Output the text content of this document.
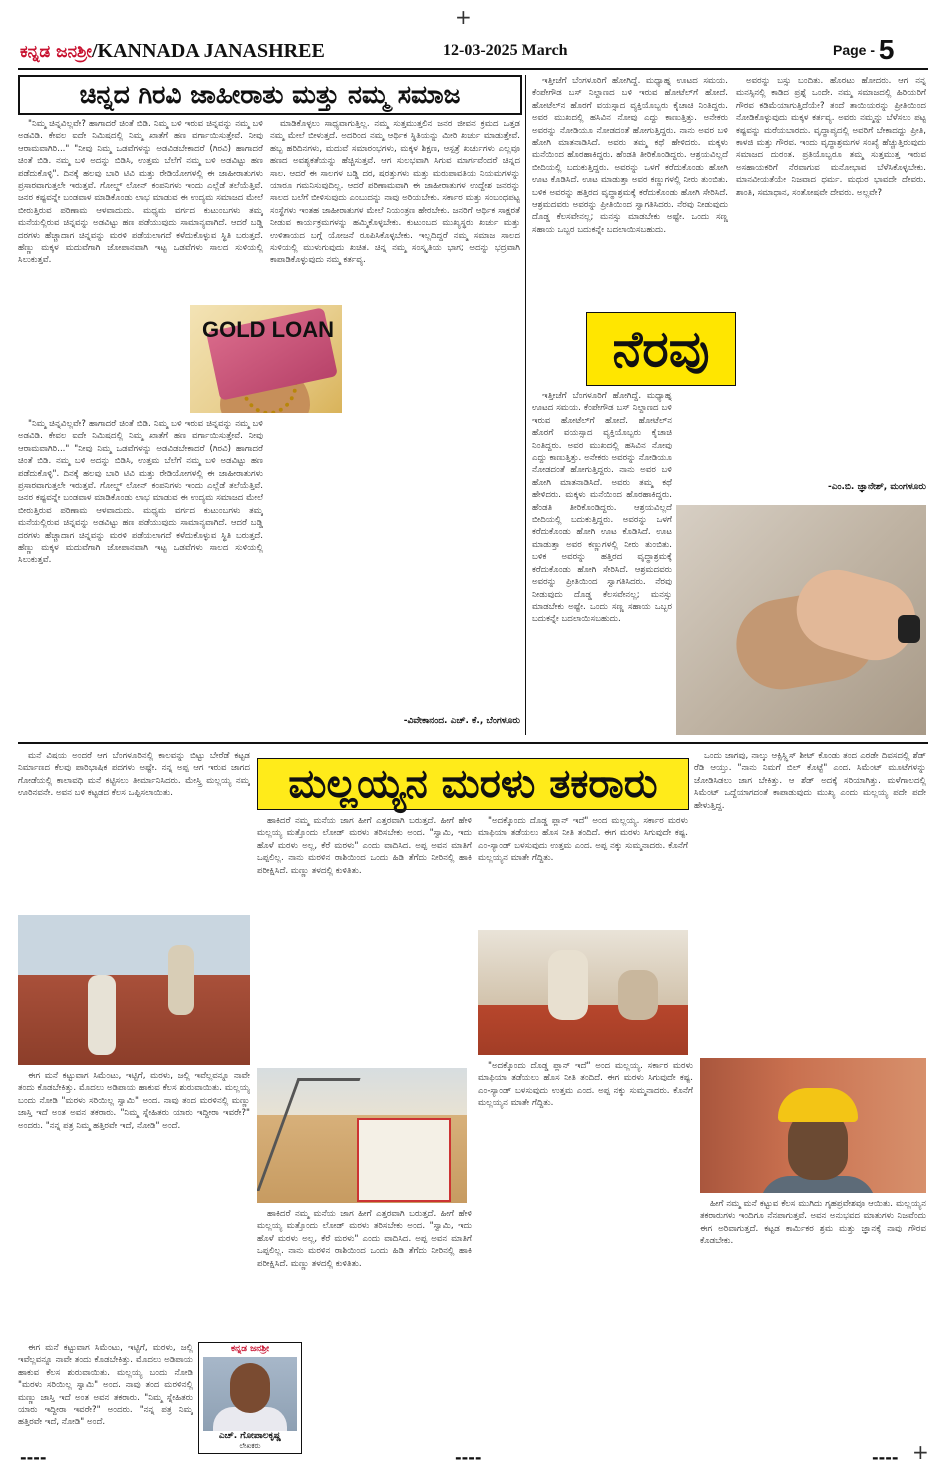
+
ಕನ್ನಡ ಜನಶ್ರೀ/KANNADA JANASHREE	12-03-2025 March	Page - 5
ಚಿನ್ನದ ಗಿರವಿ ಜಾಹೀರಾತು ಮತ್ತು ನಮ್ಮ ಸಮಾಜ

"ನಿಮ್ಮ ಚಿನ್ನವಿಲ್ಲವೇ? ಹಾಗಾದರೆ ಚಿಂತೆ ಬಿಡಿ. ನಿಮ್ಮ ಬಳಿ ಇರುವ ಚಿನ್ನವನ್ನು ನಮ್ಮ ಬಳಿ ಅಡವಿಡಿ. ಕೇವಲ ಐದೇ ನಿಮಿಷದಲ್ಲಿ ನಿಮ್ಮ ಖಾತೆಗೆ ಹಣ ವರ್ಗಾಯಿಸುತ್ತೇವೆ. ನೀವು ಆರಾಮವಾಗಿರಿ..." "ನೀವು ನಿಮ್ಮ ಒಡವೆಗಳನ್ನು ಅಡವಿಡಬೇಕಾದರೆ (ಗಿರವಿ) ಹಾಗಾದರೆ ಚಿಂತೆ ಬಿಡಿ. ನಮ್ಮ ಬಳಿ ಅದನ್ನು ಬಿಡಿಸಿ, ಉತ್ತಮ ಬೆಲೆಗೆ ನಮ್ಮ ಬಳಿ ಅಡವಿಟ್ಟು ಹಣ ಪಡೆದುಕೊಳ್ಳಿ". ದಿನಕ್ಕೆ ಹಲವು ಬಾರಿ ಟಿವಿ ಮತ್ತು ರೇಡಿಯೋಗಳಲ್ಲಿ ಈ ಜಾಹೀರಾತುಗಳು ಪ್ರಸಾರವಾಗುತ್ತಲೇ ಇರುತ್ತವೆ. ಗೋಲ್ಡ್ ಲೋನ್ ಕಂಪನಿಗಳು ಇಂದು ಎಲ್ಲೆಡೆ ತಲೆಯೆತ್ತಿವೆ. ಜನರ ಕಷ್ಟವನ್ನೇ ಬಂಡವಾಳ ಮಾಡಿಕೊಂಡು ಲಾಭ ಮಾಡುವ ಈ ಉದ್ಯಮ ಸಮಾಜದ ಮೇಲೆ ಬೀರುತ್ತಿರುವ ಪರಿಣಾಮ ಆಳವಾದುದು. ಮಧ್ಯಮ ವರ್ಗದ ಕುಟುಂಬಗಳು ತಮ್ಮ ಮನೆಯಲ್ಲಿರುವ ಚಿನ್ನವನ್ನು ಅಡವಿಟ್ಟು ಹಣ ಪಡೆಯುವುದು ಸಾಮಾನ್ಯವಾಗಿದೆ. ಆದರೆ ಬಡ್ಡಿ ದರಗಳು ಹೆಚ್ಚಾದಾಗ ಚಿನ್ನವನ್ನು ಮರಳಿ ಪಡೆಯಲಾಗದೆ ಕಳೆದುಕೊಳ್ಳುವ ಸ್ಥಿತಿ ಬರುತ್ತದೆ. ಹೆಣ್ಣು ಮಕ್ಕಳ ಮದುವೆಗಾಗಿ ಜೋಪಾನವಾಗಿ ಇಟ್ಟ ಒಡವೆಗಳು ಸಾಲದ ಸುಳಿಯಲ್ಲಿ ಸಿಲುಕುತ್ತವೆ.

GOLD LOAN

"ನಿಮ್ಮ ಚಿನ್ನವಿಲ್ಲವೇ? ಹಾಗಾದರೆ ಚಿಂತೆ ಬಿಡಿ. ನಿಮ್ಮ ಬಳಿ ಇರುವ ಚಿನ್ನವನ್ನು ನಮ್ಮ ಬಳಿ ಅಡವಿಡಿ. ಕೇವಲ ಐದೇ ನಿಮಿಷದಲ್ಲಿ ನಿಮ್ಮ ಖಾತೆಗೆ ಹಣ ವರ್ಗಾಯಿಸುತ್ತೇವೆ. ನೀವು ಆರಾಮವಾಗಿರಿ..." "ನೀವು ನಿಮ್ಮ ಒಡವೆಗಳನ್ನು ಅಡವಿಡಬೇಕಾದರೆ (ಗಿರವಿ) ಹಾಗಾದರೆ ಚಿಂತೆ ಬಿಡಿ. ನಮ್ಮ ಬಳಿ ಅದನ್ನು ಬಿಡಿಸಿ, ಉತ್ತಮ ಬೆಲೆಗೆ ನಮ್ಮ ಬಳಿ ಅಡವಿಟ್ಟು ಹಣ ಪಡೆದುಕೊಳ್ಳಿ". ದಿನಕ್ಕೆ ಹಲವು ಬಾರಿ ಟಿವಿ ಮತ್ತು ರೇಡಿಯೋಗಳಲ್ಲಿ ಈ ಜಾಹೀರಾತುಗಳು ಪ್ರಸಾರವಾಗುತ್ತಲೇ ಇರುತ್ತವೆ. ಗೋಲ್ಡ್ ಲೋನ್ ಕಂಪನಿಗಳು ಇಂದು ಎಲ್ಲೆಡೆ ತಲೆಯೆತ್ತಿವೆ. ಜನರ ಕಷ್ಟವನ್ನೇ ಬಂಡವಾಳ ಮಾಡಿಕೊಂಡು ಲಾಭ ಮಾಡುವ ಈ ಉದ್ಯಮ ಸಮಾಜದ ಮೇಲೆ ಬೀರುತ್ತಿರುವ ಪರಿಣಾಮ ಆಳವಾದುದು. ಮಧ್ಯಮ ವರ್ಗದ ಕುಟುಂಬಗಳು ತಮ್ಮ ಮನೆಯಲ್ಲಿರುವ ಚಿನ್ನವನ್ನು ಅಡವಿಟ್ಟು ಹಣ ಪಡೆಯುವುದು ಸಾಮಾನ್ಯವಾಗಿದೆ. ಆದರೆ ಬಡ್ಡಿ ದರಗಳು ಹೆಚ್ಚಾದಾಗ ಚಿನ್ನವನ್ನು ಮರಳಿ ಪಡೆಯಲಾಗದೆ ಕಳೆದುಕೊಳ್ಳುವ ಸ್ಥಿತಿ ಬರುತ್ತದೆ. ಹೆಣ್ಣು ಮಕ್ಕಳ ಮದುವೆಗಾಗಿ ಜೋಪಾನವಾಗಿ ಇಟ್ಟ ಒಡವೆಗಳು ಸಾಲದ ಸುಳಿಯಲ್ಲಿ ಸಿಲುಕುತ್ತವೆ.

ಮಾಡಿಕೊಳ್ಳಲು ಸಾಧ್ಯವಾಗುತ್ತಿಲ್ಲ. ನಮ್ಮ ಸುತ್ತಮುತ್ತಲಿನ ಜನರ ಜೀವನ ಕ್ರಮದ ಒತ್ತಡ ನಮ್ಮ ಮೇಲೆ ಬೀಳುತ್ತದೆ. ಅದರಿಂದ ನಮ್ಮ ಆರ್ಥಿಕ ಸ್ಥಿತಿಯನ್ನು ಮೀರಿ ಖರ್ಚು ಮಾಡುತ್ತೇವೆ. ಹಬ್ಬ ಹರಿದಿನಗಳು, ಮದುವೆ ಸಮಾರಂಭಗಳು, ಮಕ್ಕಳ ಶಿಕ್ಷಣ, ಆಸ್ಪತ್ರೆ ಖರ್ಚುಗಳು ಎಲ್ಲವೂ ಹಣದ ಅವಶ್ಯಕತೆಯನ್ನು ಹೆಚ್ಚಿಸುತ್ತವೆ. ಆಗ ಸುಲಭವಾಗಿ ಸಿಗುವ ಮಾರ್ಗವೆಂದರೆ ಚಿನ್ನದ ಸಾಲ. ಆದರೆ ಈ ಸಾಲಗಳ ಬಡ್ಡಿ ದರ, ಷರತ್ತುಗಳು ಮತ್ತು ಮರುಪಾವತಿಯ ನಿಯಮಗಳನ್ನು ಯಾರೂ ಗಮನಿಸುವುದಿಲ್ಲ. ಆದರೆ ಪರಿಣಾಮವಾಗಿ ಈ ಜಾಹೀರಾತುಗಳ ಉದ್ದೇಶ ಜನರನ್ನು ಸಾಲದ ಬಲೆಗೆ ಬೀಳಿಸುವುದು ಎಂಬುದನ್ನು ನಾವು ಅರಿಯಬೇಕು. ಸರ್ಕಾರ ಮತ್ತು ಸಂಬಂಧಪಟ್ಟ ಸಂಸ್ಥೆಗಳು ಇಂತಹ ಜಾಹೀರಾತುಗಳ ಮೇಲೆ ನಿಯಂತ್ರಣ ಹೇರಬೇಕು. ಜನರಿಗೆ ಆರ್ಥಿಕ ಸಾಕ್ಷರತೆ ನೀಡುವ ಕಾರ್ಯಕ್ರಮಗಳನ್ನು ಹಮ್ಮಿಕೊಳ್ಳಬೇಕು. ಕುಟುಂಬದ ಮುಖ್ಯಸ್ಥರು ಖರ್ಚು ಮತ್ತು ಉಳಿತಾಯದ ಬಗ್ಗೆ ಯೋಜನೆ ರೂಪಿಸಿಕೊಳ್ಳಬೇಕು. ಇಲ್ಲದಿದ್ದರೆ ನಮ್ಮ ಸಮಾಜ ಸಾಲದ ಸುಳಿಯಲ್ಲಿ ಮುಳುಗುವುದು ಖಚಿತ. ಚಿನ್ನ ನಮ್ಮ ಸಂಸ್ಕೃತಿಯ ಭಾಗ; ಅದನ್ನು ಭದ್ರವಾಗಿ ಕಾಪಾಡಿಕೊಳ್ಳುವುದು ನಮ್ಮ ಕರ್ತವ್ಯ.

-ವಿವೇಕಾನಂದ. ಎಚ್. ಕೆ., ಬೆಂಗಳೂರು

ಇತ್ತೀಚೆಗೆ ಬೆಂಗಳೂರಿಗೆ ಹೋಗಿದ್ದೆ. ಮಧ್ಯಾಹ್ನ ಊಟದ ಸಮಯ. ಕೆಂಪೇಗೌಡ ಬಸ್ ನಿಲ್ದಾಣದ ಬಳಿ ಇರುವ ಹೋಟೆಲ್‌ಗೆ ಹೋದೆ. ಹೋಟೆಲ್‌ನ ಹೊರಗೆ ವಯಸ್ಸಾದ ವ್ಯಕ್ತಿಯೊಬ್ಬರು ಕೈಚಾಚಿ ನಿಂತಿದ್ದರು. ಅವರ ಮುಖದಲ್ಲಿ ಹಸಿವಿನ ನೋವು ಎದ್ದು ಕಾಣುತ್ತಿತ್ತು. ಅನೇಕರು ಅವರನ್ನು ನೋಡಿಯೂ ನೋಡದಂತೆ ಹೋಗುತ್ತಿದ್ದರು. ನಾನು ಅವರ ಬಳಿ ಹೋಗಿ ಮಾತನಾಡಿಸಿದೆ. ಅವರು ತಮ್ಮ ಕಥೆ ಹೇಳಿದರು. ಮಕ್ಕಳು ಮನೆಯಿಂದ ಹೊರಹಾಕಿದ್ದರು. ಹೆಂಡತಿ ತೀರಿಕೊಂಡಿದ್ದರು. ಆಶ್ರಯವಿಲ್ಲದೆ ಬೀದಿಯಲ್ಲಿ ಬದುಕುತ್ತಿದ್ದರು. ಅವರನ್ನು ಒಳಗೆ ಕರೆದುಕೊಂಡು ಹೋಗಿ ಊಟ ಕೊಡಿಸಿದೆ. ಊಟ ಮಾಡುತ್ತಾ ಅವರ ಕಣ್ಣುಗಳಲ್ಲಿ ನೀರು ತುಂಬಿತು. ಬಳಿಕ ಅವರನ್ನು ಹತ್ತಿರದ ವೃದ್ಧಾಶ್ರಮಕ್ಕೆ ಕರೆದುಕೊಂಡು ಹೋಗಿ ಸೇರಿಸಿದೆ. ಆಶ್ರಮದವರು ಅವರನ್ನು ಪ್ರೀತಿಯಿಂದ ಸ್ವಾಗತಿಸಿದರು. ನೆರವು ನೀಡುವುದು ದೊಡ್ಡ ಕೆಲಸವೇನಲ್ಲ; ಮನಸ್ಸು ಮಾಡಬೇಕು ಅಷ್ಟೇ. ಒಂದು ಸಣ್ಣ ಸಹಾಯ ಒಬ್ಬರ ಬದುಕನ್ನೇ ಬದಲಾಯಿಸಬಹುದು.

ನೆರವು

ಇತ್ತೀಚೆಗೆ ಬೆಂಗಳೂರಿಗೆ ಹೋಗಿದ್ದೆ. ಮಧ್ಯಾಹ್ನ ಊಟದ ಸಮಯ. ಕೆಂಪೇಗೌಡ ಬಸ್ ನಿಲ್ದಾಣದ ಬಳಿ ಇರುವ ಹೋಟೆಲ್‌ಗೆ ಹೋದೆ. ಹೋಟೆಲ್‌ನ ಹೊರಗೆ ವಯಸ್ಸಾದ ವ್ಯಕ್ತಿಯೊಬ್ಬರು ಕೈಚಾಚಿ ನಿಂತಿದ್ದರು. ಅವರ ಮುಖದಲ್ಲಿ ಹಸಿವಿನ ನೋವು ಎದ್ದು ಕಾಣುತ್ತಿತ್ತು. ಅನೇಕರು ಅವರನ್ನು ನೋಡಿಯೂ ನೋಡದಂತೆ ಹೋಗುತ್ತಿದ್ದರು. ನಾನು ಅವರ ಬಳಿ ಹೋಗಿ ಮಾತನಾಡಿಸಿದೆ. ಅವರು ತಮ್ಮ ಕಥೆ ಹೇಳಿದರು. ಮಕ್ಕಳು ಮನೆಯಿಂದ ಹೊರಹಾಕಿದ್ದರು. ಹೆಂಡತಿ ತೀರಿಕೊಂಡಿದ್ದರು. ಆಶ್ರಯವಿಲ್ಲದೆ ಬೀದಿಯಲ್ಲಿ ಬದುಕುತ್ತಿದ್ದರು. ಅವರನ್ನು ಒಳಗೆ ಕರೆದುಕೊಂಡು ಹೋಗಿ ಊಟ ಕೊಡಿಸಿದೆ. ಊಟ ಮಾಡುತ್ತಾ ಅವರ ಕಣ್ಣುಗಳಲ್ಲಿ ನೀರು ತುಂಬಿತು. ಬಳಿಕ ಅವರನ್ನು ಹತ್ತಿರದ ವೃದ್ಧಾಶ್ರಮಕ್ಕೆ ಕರೆದುಕೊಂಡು ಹೋಗಿ ಸೇರಿಸಿದೆ. ಆಶ್ರಮದವರು ಅವರನ್ನು ಪ್ರೀತಿಯಿಂದ ಸ್ವಾಗತಿಸಿದರು. ನೆರವು ನೀಡುವುದು ದೊಡ್ಡ ಕೆಲಸವೇನಲ್ಲ; ಮನಸ್ಸು ಮಾಡಬೇಕು ಅಷ್ಟೇ. ಒಂದು ಸಣ್ಣ ಸಹಾಯ ಒಬ್ಬರ ಬದುಕನ್ನೇ ಬದಲಾಯಿಸಬಹುದು.

ಅವರನ್ನು ಬಸ್ಸು ಬಂದಿತು. ಹೊರಟು ಹೋದರು. ಆಗ ನನ್ನ ಮನಸ್ಸಿನಲ್ಲಿ ಕಾಡಿದ ಪ್ರಶ್ನೆ ಒಂದೇ. ನಮ್ಮ ಸಮಾಜದಲ್ಲಿ ಹಿರಿಯರಿಗೆ ಗೌರವ ಕಡಿಮೆಯಾಗುತ್ತಿದೆಯೇ? ತಂದೆ ತಾಯಿಯರನ್ನು ಪ್ರೀತಿಯಿಂದ ನೋಡಿಕೊಳ್ಳುವುದು ಮಕ್ಕಳ ಕರ್ತವ್ಯ. ಅವರು ನಮ್ಮನ್ನು ಬೆಳೆಸಲು ಪಟ್ಟ ಕಷ್ಟವನ್ನು ಮರೆಯಬಾರದು. ವೃದ್ಧಾಪ್ಯದಲ್ಲಿ ಅವರಿಗೆ ಬೇಕಾದದ್ದು ಪ್ರೀತಿ, ಕಾಳಜಿ ಮತ್ತು ಗೌರವ. ಇಂದು ವೃದ್ಧಾಶ್ರಮಗಳ ಸಂಖ್ಯೆ ಹೆಚ್ಚುತ್ತಿರುವುದು ಸಮಾಜದ ದುರಂತ. ಪ್ರತಿಯೊಬ್ಬರೂ ತಮ್ಮ ಸುತ್ತಮುತ್ತ ಇರುವ ಅಸಹಾಯಕರಿಗೆ ನೆರವಾಗುವ ಮನೋಭಾವ ಬೆಳೆಸಿಕೊಳ್ಳಬೇಕು. ಮಾನವೀಯತೆಯೇ ನಿಜವಾದ ಧರ್ಮ. ಮಧುರ ಭಾವದೇ ದೇವರು. ಶಾಂತಿ, ಸಮಾಧಾನ, ಸಂತೋಷವೇ ದೇವರು. ಅಲ್ಲವೇ?

-ಎಂ.ಬಿ. ಜ್ಞಾನೇಶ್, ಮಂಗಳೂರು

ಮನೆ ವಿಷಯ ಅಂದರೆ ಆಗ ಬೆಂಗಳೂರಿನಲ್ಲಿ ಕಾಲವನ್ನು ಬಿಟ್ಟು ಬೇರೆಡೆ ಕಟ್ಟಡ ನಿರ್ಮಾಣದ ಕೆಲವು ಪಾರಿಭಾಷಿಕ ಪದಗಳು ಅಷ್ಟೇ. ನನ್ನ ಅಪ್ಪ ಆಗ ಇರುವ ಜಾಗದ ಗೋಡೆಯಲ್ಲಿ ಕಾಲಾವಧಿ ಮನೆ ಕಟ್ಟಿಸಲು ತೀರ್ಮಾನಿಸಿದರು. ಮೇಸ್ತ್ರಿ ಮಲ್ಲಯ್ಯ ನಮ್ಮ ಊರಿನವನೇ. ಅವನ ಬಳಿ ಕಟ್ಟಡದ ಕೆಲಸ ಒಪ್ಪಿಸಲಾಯಿತು.	ಮಲ್ಲಯ್ಯನ ಮರಳು ತಕರಾರು

ಹಾಕಿದರೆ ನಮ್ಮ ಮನೆಯ ಜಾಗ ಹೀಗೆ ಎತ್ತರವಾಗಿ ಬರುತ್ತದೆ. ಹೀಗೆ ಹೇಳಿ ಮಲ್ಲಯ್ಯ ಮತ್ತೊಂದು ಲೋಡ್ ಮರಳು ತರಿಸಬೇಕು ಅಂದ. "ಸ್ವಾಮಿ, ಇದು ಹೊಳೆ ಮರಳು ಅಲ್ಲ, ಕೆರೆ ಮರಳು" ಎಂದು ವಾದಿಸಿದ. ಅಪ್ಪ ಅವನ ಮಾತಿಗೆ ಒಪ್ಪಲಿಲ್ಲ. ನಾನು ಮರಳಿನ ರಾಶಿಯಿಂದ ಒಂದು ಹಿಡಿ ತೆಗೆದು ನೀರಿನಲ್ಲಿ ಹಾಕಿ ಪರೀಕ್ಷಿಸಿದೆ. ಮಣ್ಣು ತಳದಲ್ಲಿ ಕುಳಿತಿತು.

"ಅದಕ್ಕೊಂದು ದೊಡ್ಡ ಪ್ಲಾನ್ ಇದೆ" ಅಂದ ಮಲ್ಲಯ್ಯ. ಸರ್ಕಾರ ಮರಳು ಮಾಫಿಯಾ ತಡೆಯಲು ಹೊಸ ನೀತಿ ತಂದಿದೆ. ಈಗ ಮರಳು ಸಿಗುವುದೇ ಕಷ್ಟ. ಎಂ-ಸ್ಯಾಂಡ್ ಬಳಸುವುದು ಉತ್ತಮ ಎಂದ. ಅಪ್ಪ ನಕ್ಕು ಸುಮ್ಮನಾದರು. ಕೊನೆಗೆ ಮಲ್ಲಯ್ಯನ ಮಾತೇ ಗೆದ್ದಿತು.

ಒಂದು ಜಾಗವು, ನಾಲ್ಕು ಆಕ್ಸಿಸ್ಲ್ಲಿಸ್ ಶೀಟ್ ಕೊಂಡು ತಂದ ಎರಡೇ ದಿವಸದಲ್ಲಿ ಶೆಡ್ ರೆಡಿ ಆಯ್ತು. "ನಾನು ನಿಮಗೆ ಬಿಲ್ ಕೊಟ್ಟೆ" ಎಂದ. ಸಿಮೆಂಟ್ ಮೂಟೆಗಳನ್ನು ಜೋಡಿಸಿಡಲು ಜಾಗ ಬೇಕಿತ್ತು. ಆ ಶೆಡ್ ಅದಕ್ಕೆ ಸರಿಯಾಗಿತ್ತು. ಮಳೆಗಾಲದಲ್ಲಿ ಸಿಮೆಂಟ್ ಒದ್ದೆಯಾಗದಂತೆ ಕಾಪಾಡುವುದು ಮುಖ್ಯ ಎಂದು ಮಲ್ಲಯ್ಯ ಪದೇ ಪದೇ ಹೇಳುತ್ತಿದ್ದ.

ಈಗ ಮನೆ ಕಟ್ಟುವಾಗ ಸಿಮೆಂಟು, ಇಟ್ಟಿಗೆ, ಮರಳು, ಜಲ್ಲಿ ಇವೆಲ್ಲವನ್ನೂ ನಾವೇ ತಂದು ಕೊಡಬೇಕಿತ್ತು. ಮೊದಲು ಅಡಿಪಾಯ ಹಾಕುವ ಕೆಲಸ ಶುರುವಾಯಿತು. ಮಲ್ಲಯ್ಯ ಬಂದು ನೋಡಿ "ಮರಳು ಸರಿಯಿಲ್ಲ ಸ್ವಾಮಿ" ಅಂದ. ನಾವು ತಂದ ಮರಳಿನಲ್ಲಿ ಮಣ್ಣು ಜಾಸ್ತಿ ಇದೆ ಅಂತ ಅವನ ತಕರಾರು. "ನಿಮ್ಮ ಸ್ನೇಹಿತರು ಯಾರು ಇದ್ದೀರಾ ಇವರೇ?" ಅಂದರು. "ನನ್ನ ಪತ್ರ ನಿಮ್ಮ ಹತ್ತಿರವೇ ಇದೆ, ನೋಡಿ" ಅಂದೆ.

ಹಾಕಿದರೆ ನಮ್ಮ ಮನೆಯ ಜಾಗ ಹೀಗೆ ಎತ್ತರವಾಗಿ ಬರುತ್ತದೆ. ಹೀಗೆ ಹೇಳಿ ಮಲ್ಲಯ್ಯ ಮತ್ತೊಂದು ಲೋಡ್ ಮರಳು ತರಿಸಬೇಕು ಅಂದ. "ಸ್ವಾಮಿ, ಇದು ಹೊಳೆ ಮರಳು ಅಲ್ಲ, ಕೆರೆ ಮರಳು" ಎಂದು ವಾದಿಸಿದ. ಅಪ್ಪ ಅವನ ಮಾತಿಗೆ ಒಪ್ಪಲಿಲ್ಲ. ನಾನು ಮರಳಿನ ರಾಶಿಯಿಂದ ಒಂದು ಹಿಡಿ ತೆಗೆದು ನೀರಿನಲ್ಲಿ ಹಾಕಿ ಪರೀಕ್ಷಿಸಿದೆ. ಮಣ್ಣು ತಳದಲ್ಲಿ ಕುಳಿತಿತು.

"ಅದಕ್ಕೊಂದು ದೊಡ್ಡ ಪ್ಲಾನ್ ಇದೆ" ಅಂದ ಮಲ್ಲಯ್ಯ. ಸರ್ಕಾರ ಮರಳು ಮಾಫಿಯಾ ತಡೆಯಲು ಹೊಸ ನೀತಿ ತಂದಿದೆ. ಈಗ ಮರಳು ಸಿಗುವುದೇ ಕಷ್ಟ. ಎಂ-ಸ್ಯಾಂಡ್ ಬಳಸುವುದು ಉತ್ತಮ ಎಂದ. ಅಪ್ಪ ನಕ್ಕು ಸುಮ್ಮನಾದರು. ಕೊನೆಗೆ ಮಲ್ಲಯ್ಯನ ಮಾತೇ ಗೆದ್ದಿತು.

ಹೀಗೆ ನಮ್ಮ ಮನೆ ಕಟ್ಟುವ ಕೆಲಸ ಮುಗಿದು ಗೃಹಪ್ರವೇಶವೂ ಆಯಿತು. ಮಲ್ಲಯ್ಯನ ತಕರಾರುಗಳು ಇಂದಿಗೂ ನೆನಪಾಗುತ್ತವೆ. ಅವನ ಅನುಭವದ ಮಾತುಗಳು ನಿಜವೆಂದು ಈಗ ಅರಿವಾಗುತ್ತದೆ. ಕಟ್ಟಡ ಕಾರ್ಮಿಕರ ಶ್ರಮ ಮತ್ತು ಜ್ಞಾನಕ್ಕೆ ನಾವು ಗೌರವ ಕೊಡಬೇಕು.

ಈಗ ಮನೆ ಕಟ್ಟುವಾಗ ಸಿಮೆಂಟು, ಇಟ್ಟಿಗೆ, ಮರಳು, ಜಲ್ಲಿ ಇವೆಲ್ಲವನ್ನೂ ನಾವೇ ತಂದು ಕೊಡಬೇಕಿತ್ತು. ಮೊದಲು ಅಡಿಪಾಯ ಹಾಕುವ ಕೆಲಸ ಶುರುವಾಯಿತು. ಮಲ್ಲಯ್ಯ ಬಂದು ನೋಡಿ "ಮರಳು ಸರಿಯಿಲ್ಲ ಸ್ವಾಮಿ" ಅಂದ. ನಾವು ತಂದ ಮರಳಿನಲ್ಲಿ ಮಣ್ಣು ಜಾಸ್ತಿ ಇದೆ ಅಂತ ಅವನ ತಕರಾರು. "ನಿಮ್ಮ ಸ್ನೇಹಿತರು ಯಾರು ಇದ್ದೀರಾ ಇವರೇ?" ಅಂದರು. "ನನ್ನ ಪತ್ರ ನಿಮ್ಮ ಹತ್ತಿರವೇ ಇದೆ, ನೋಡಿ" ಅಂದೆ.

ಕನ್ನಡ ಜನಶ್ರೀ
ಎಚ್. ಗೋಪಾಲಕೃಷ್ಣ
ಲೇಖಕರು
----	----	---- +
